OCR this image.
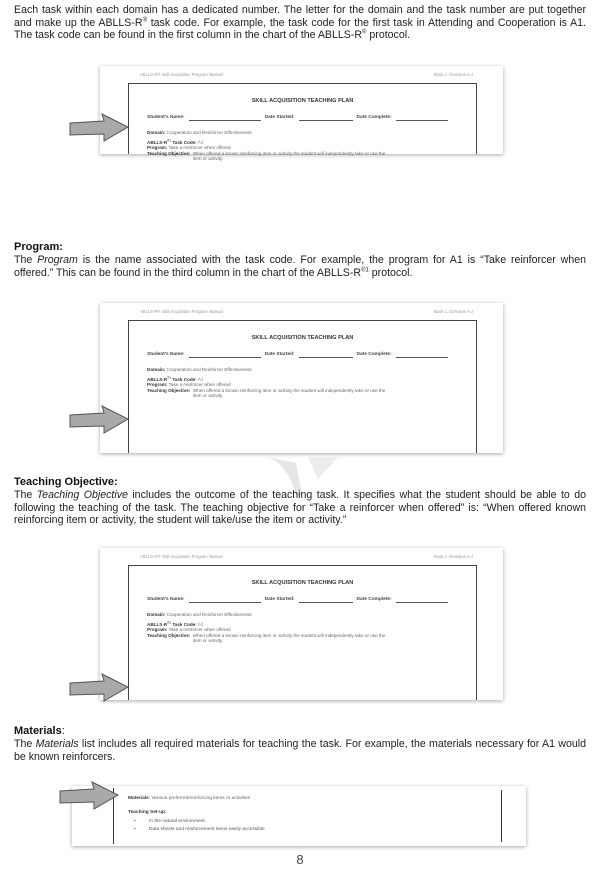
Each task within each domain has a dedicated number. The letter for the domain and the task number are put together and make up the ABLLS-R® task code. For example, the task code for the first task in Attending and Cooperation is A1. The task code can be found in the first column in the chart of the ABLLS-R® protocol.

ABLLS-R® Skill Acquisition Program Manual	Book 1: Domains A-J
SKILL ACQUISITION TEACHING PLAN
Student's Name:	Date Started:	Date Complete:
Domain: Cooperation and Reinforcer Effectiveness
ABLLS-$R^{®1}$ Task Code: A1
Program: Take a reinforcer when offered
Teaching Objective: When offered a known reinforcing item or activity the student will independently take or use the
item or activity.
ABLLS-R® Skill Acquisition Program Manual	Book 1: Domains A-J
SKILL ACQUISITION TEACHING PLAN
Student's Name:	Date Started:	Date Complete:
Domain: Cooperation and Reinforcer Effectiveness
ABLLS-$R^{®1}$ Task Code: A1
Program: Take a reinforcer when offered
Teaching Objective: When offered a known reinforcing item or activity the student will independently take or use the
item or activity.
ABLLS-R® Skill Acquisition Program Manual	Book 1: Domains A-J
SKILL ACQUISITION TEACHING PLAN
Student's Name:	Date Started:	Date Complete:
Domain: Cooperation and Reinforcer Effectiveness
ABLLS-$R^{®1}$ Task Code: A1
Program: Take a reinforcer when offered
Teaching Objective: When offered a known reinforcing item or activity the student will independently take or use the
item or activity.
Program:

The Program is the name associated with the task code. For example, the program for A1 is “Take reinforcer when offered.” This can be found in the third column in the chart of the ABLLS-$R^{®1}$ protocol.

Teaching Objective:

The Teaching Objective includes the outcome of the teaching task. It specifies what the student should be able to do following the teaching of the task. The teaching objective for “Take a reinforcer when offered” is: “When offered known reinforcing item or activity, the student will take/use the item or activity.”

Materials:

The Materials list includes all required materials for teaching the task. For example, the materials necessary for A1 would be known reinforcers.

Materials: Various preferred/reinforcing items or activities
Teaching Set-up:
•	In the natural environment
•	Data sheets and reinforcement items easily accessible
8
